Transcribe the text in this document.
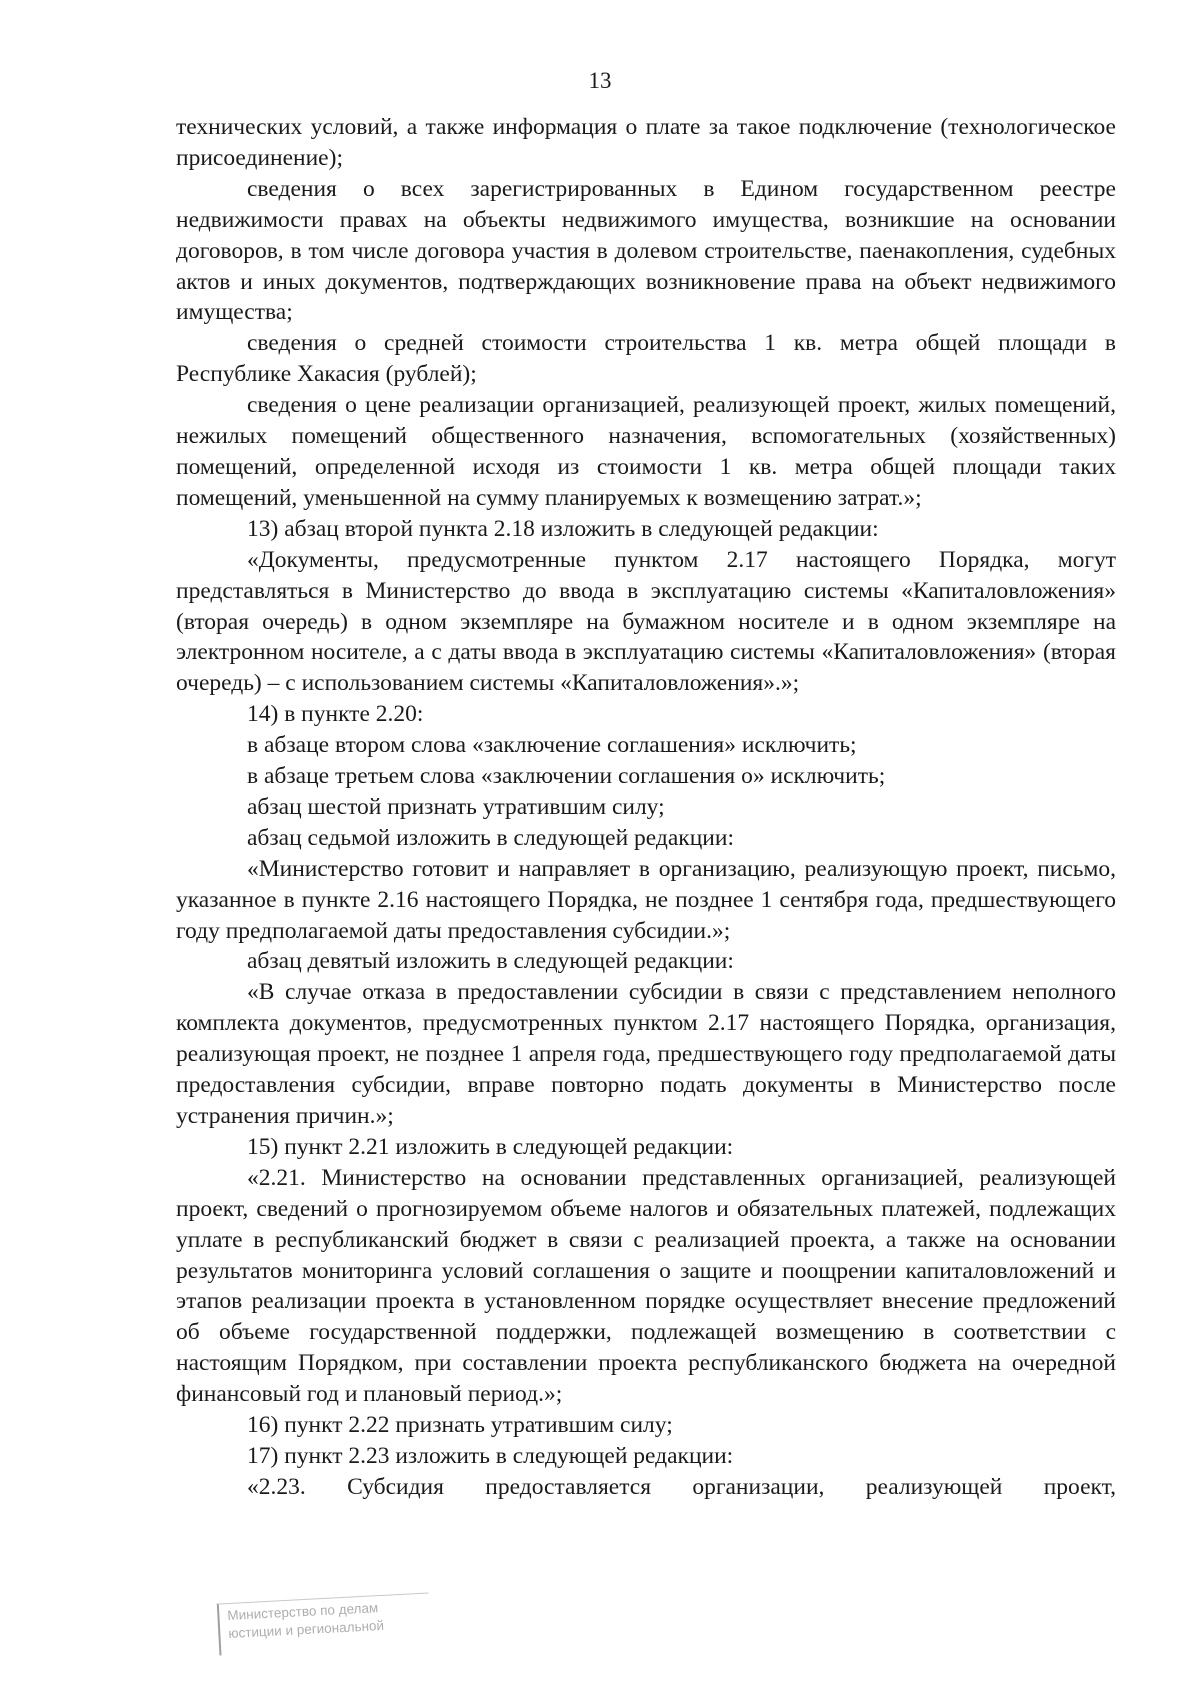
13

технических условий, а также информация о плате за такое подключение (технологическое присоединение);

сведения о всех зарегистрированных в Едином государственном реестре недвижимости правах на объекты недвижимого имущества, возникшие на основании договоров, в том числе договора участия в долевом строительстве, паенакопления, судебных актов и иных документов, подтверждающих возникновение права на объект недвижимого имущества;

сведения о средней стоимости строительства 1 кв. метра общей площади в Республике Хакасия (рублей);

сведения о цене реализации организацией, реализующей проект, жилых помещений, нежилых помещений общественного назначения, вспомогательных (хозяйственных) помещений, определенной исходя из стоимости 1 кв. метра общей площади таких помещений, уменьшенной на сумму планируемых к возмещению затрат.»;

13) абзац второй пункта 2.18 изложить в следующей редакции:

«Документы, предусмотренные пунктом 2.17 настоящего Порядка, могут представляться в Министерство до ввода в эксплуатацию системы «Капиталовложения» (вторая очередь) в одном экземпляре на бумажном носителе и в одном экземпляре на электронном носителе, а с даты ввода в эксплуатацию системы «Капиталовложения» (вторая очередь) – с использованием системы «Капиталовложения».»;

14) в пункте 2.20:

в абзаце втором слова «заключение соглашения» исключить;

в абзаце третьем слова «заключении соглашения о» исключить;

абзац шестой признать утратившим силу;

абзац седьмой изложить в следующей редакции:

«Министерство готовит и направляет в организацию, реализующую проект, письмо, указанное в пункте 2.16 настоящего Порядка, не позднее 1 сентября года, предшествующего году предполагаемой даты предоставления субсидии.»;

абзац девятый изложить в следующей редакции:

«В случае отказа в предоставлении субсидии в связи с представлением неполного комплекта документов, предусмотренных пунктом 2.17 настоящего Порядка, организация, реализующая проект, не позднее 1 апреля года, предшествующего году предполагаемой даты предоставления субсидии, вправе повторно подать документы в Министерство после устранения причин.»;

15) пункт 2.21 изложить в следующей редакции:

«2.21. Министерство на основании представленных организацией, реализующей проект, сведений о прогнозируемом объеме налогов и обязательных платежей, подлежащих уплате в республиканский бюджет в связи с реализацией проекта, а также на основании результатов мониторинга условий соглашения о защите и поощрении капиталовложений и этапов реализации проекта в установленном порядке осуществляет внесение предложений об объеме государственной поддержки, подлежащей возмещению в соответствии с настоящим Порядком, при составлении проекта республиканского бюджета на очередной финансовый год и плановый период.»;

16) пункт 2.22 признать утратившим силу;

17) пункт 2.23 изложить в следующей редакции:

«2.23. Субсидия предоставляется организации, реализующей проект,

Министерство по делам
юстиции и региональной
